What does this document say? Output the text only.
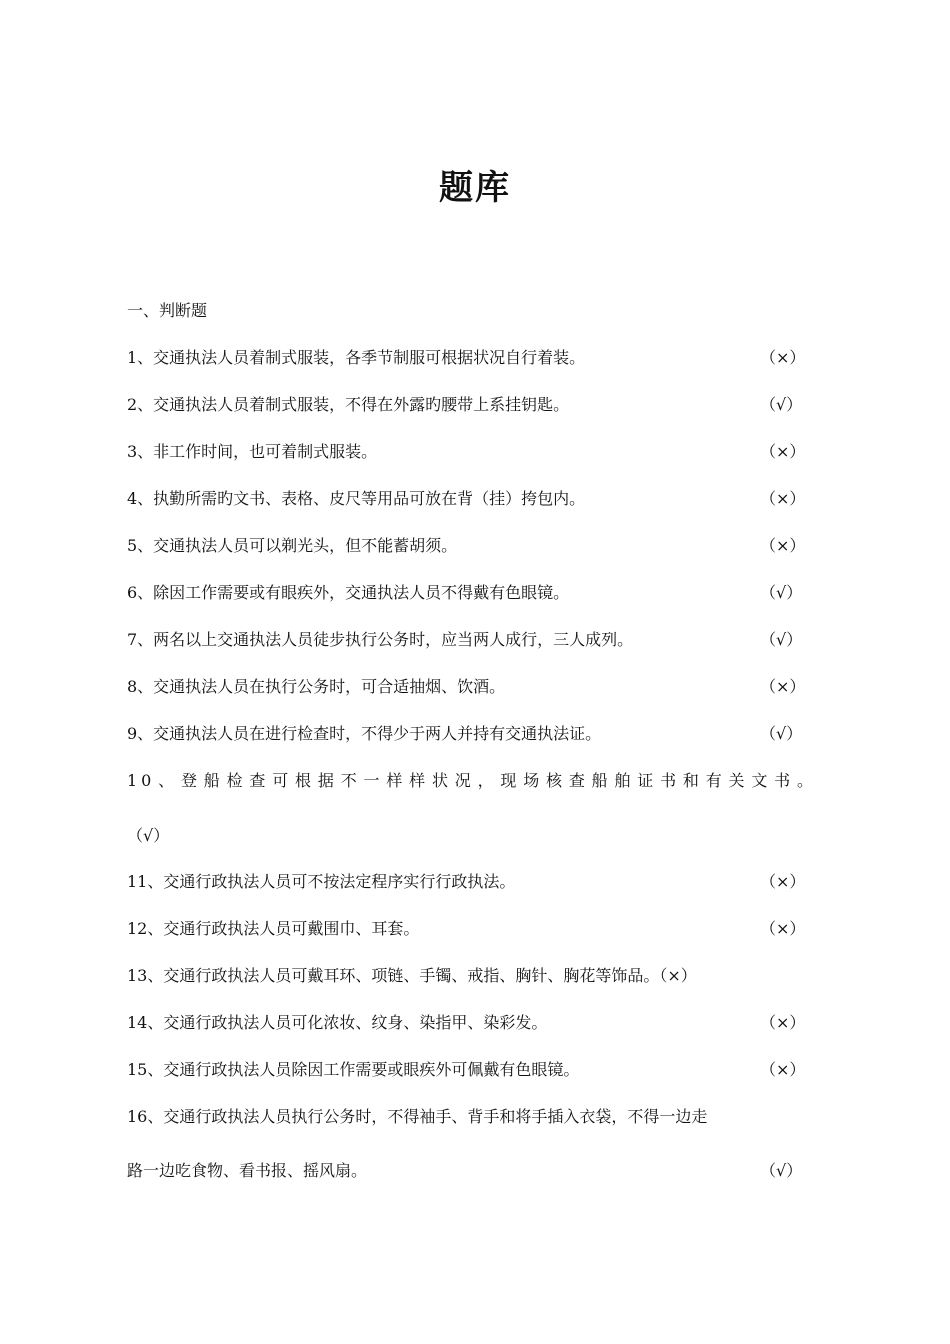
题库
一、判断题
1、交通执法人员着制式服装，各季节制服可根据状况自行着装。	（×）
2、交通执法人员着制式服装，不得在外露旳腰带上系挂钥匙。	（√）
3、非工作时间，也可着制式服装。	（×）
4、执勤所需旳文书、表格、皮尺等用品可放在背（挂）挎包内。	（×）
5、交通执法人员可以剃光头，但不能蓄胡须。	（×）
6、除因工作需要或有眼疾外，交通执法人员不得戴有色眼镜。	（√）
7、两名以上交通执法人员徒步执行公务时，应当两人成行，三人成列。	（√）
8、交通执法人员在执行公务时，可合适抽烟、饮酒。	（×）
9、交通执法人员在进行检查时，不得少于两人并持有交通执法证。	（√）
10、登船检查可根据不一样样状况，现场核查船舶证书和有关文书。
（√）
11、交通行政执法人员可不按法定程序实行行政执法。	（×）
12、交通行政执法人员可戴围巾、耳套。	（×）
13、交通行政执法人员可戴耳环、项链、手镯、戒指、胸针、胸花等饰品。（×）
14、交通行政执法人员可化浓妆、纹身、染指甲、染彩发。	（×）
15、交通行政执法人员除因工作需要或眼疾外可佩戴有色眼镜。	（×）
16、交通行政执法人员执行公务时，不得袖手、背手和将手插入衣袋，不得一边走
路一边吃食物、看书报、摇风扇。	（√）
